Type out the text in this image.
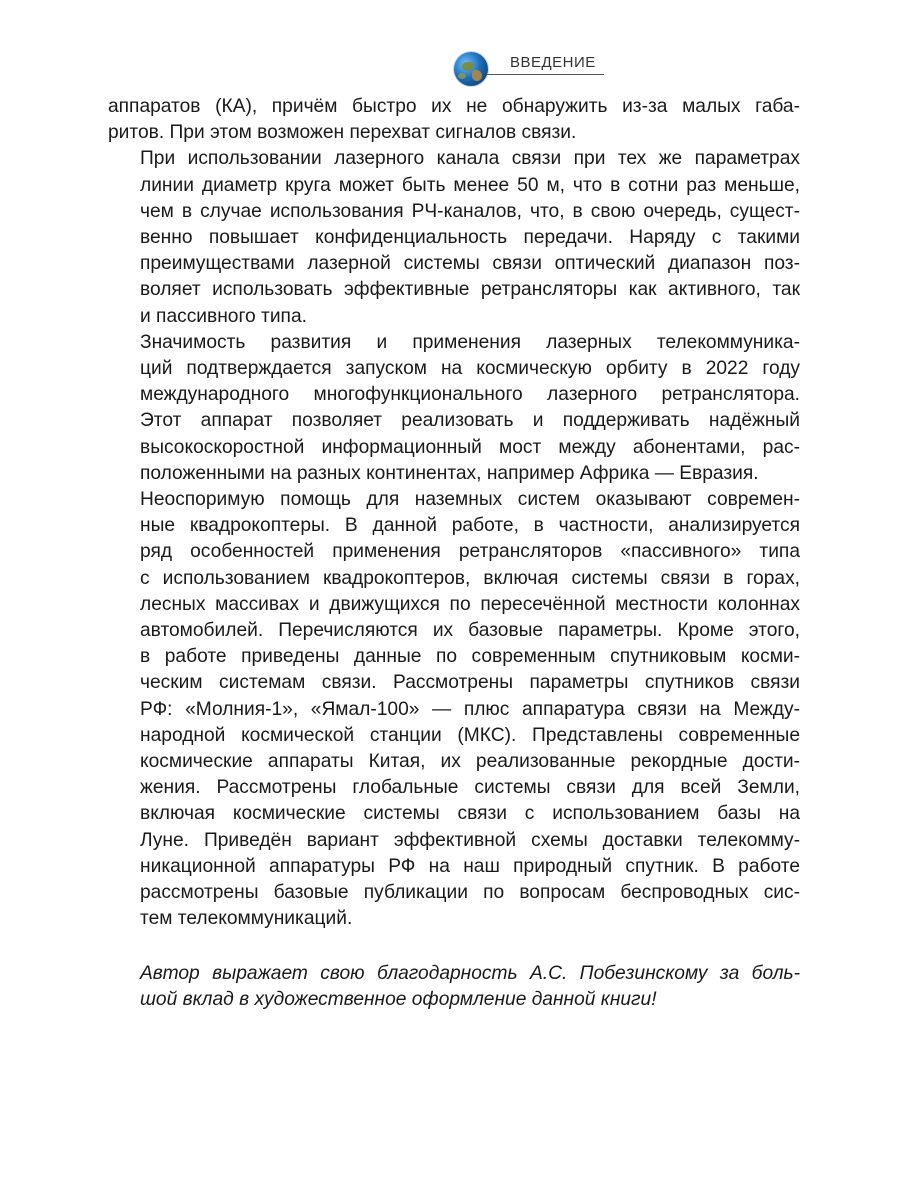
ВВЕДЕНИЕ

аппаратов (КА), причём быстро их не обнаружить из-за малых габа-
ритов. При этом возможен перехват сигналов связи.

При использовании лазерного канала связи при тех же параметрах
линии диаметр круга может быть менее 50 м, что в сотни раз меньше,
чем в случае использования РЧ-каналов, что, в свою очередь, сущест-
венно повышает конфиденциальность передачи. Наряду с такими
преимуществами лазерной системы связи оптический диапазон поз-
воляет использовать эффективные ретрансляторы как активного, так
и пассивного типа.

Значимость развития и применения лазерных телекоммуника-
ций подтверждается запуском на космическую орбиту в 2022 году
международного многофункционального лазерного ретранслятора.
Этот аппарат позволяет реализовать и поддерживать надёжный
высокоскоростной информационный мост между абонентами, рас-
положенными на разных континентах, например Африка — Евразия.

Неоспоримую помощь для наземных систем оказывают современ-
ные квадрокоптеры. В данной работе, в частности, анализируется
ряд особенностей применения ретрансляторов «пассивного» типа
с использованием квадрокоптеров, включая системы связи в горах,
лесных массивах и движущихся по пересечённой местности колоннах
автомобилей. Перечисляются их базовые параметры. Кроме этого,
в работе приведены данные по современным спутниковым косми-
ческим системам связи. Рассмотрены параметры спутников связи
РФ: «Молния-1», «Ямал-100» — плюс аппаратура связи на Между-
народной космической станции (МКС). Представлены современные
космические аппараты Китая, их реализованные рекордные дости-
жения. Рассмотрены глобальные системы связи для всей Земли,
включая космические системы связи с использованием базы на
Луне. Приведён вариант эффективной схемы доставки телекомму-
никационной аппаратуры РФ на наш природный спутник. В работе
рассмотрены базовые публикации по вопросам беспроводных сис-
тем телекоммуникаций.

Автор выражает свою благодарность А.С. Побезинскому за боль-
шой вклад в художественное оформление данной книги!
